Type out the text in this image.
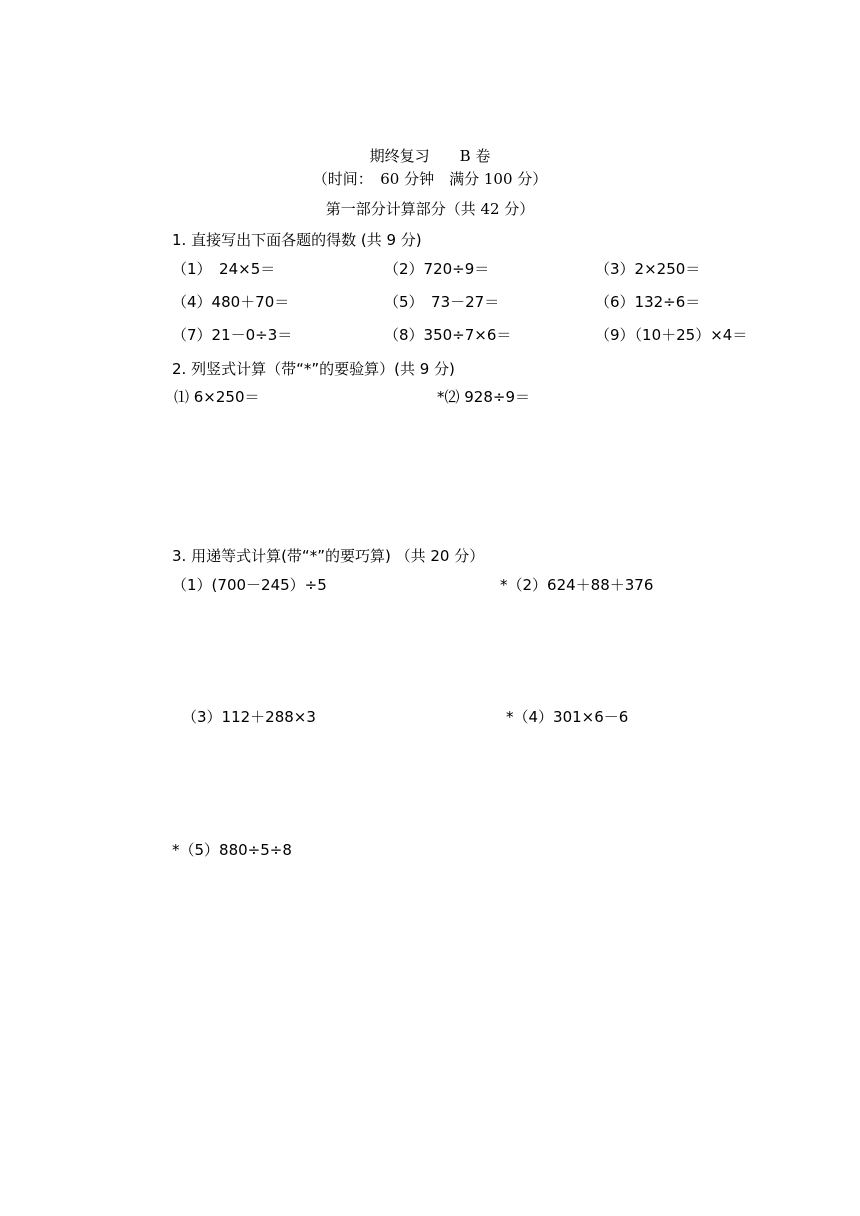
期终复习　　B 卷
（时间：　60 分钟　满分 100 分）
第一部分计算部分（共 42 分）
1. 直接写出下面各题的得数 (共 9 分)
（1）　24×5＝	（2）720÷9＝	（3）2×250＝
（4）480＋70＝	（5）　73－27＝	（6）132÷6＝
（7）21－0÷3＝	（8）350÷7×6＝	（9）（10＋25）×4＝
2. 列竖式计算（带“*”的要验算）(共 9 分)
⑴ 6×250＝	*⑵ 928÷9＝
3. 用递等式计算(带“*”的要巧算) （共 20 分）
（1）(700－245）÷5	*（2）624＋88＋376
（3）112＋288×3	*（4）301×6－6
*（5）880÷5÷8
